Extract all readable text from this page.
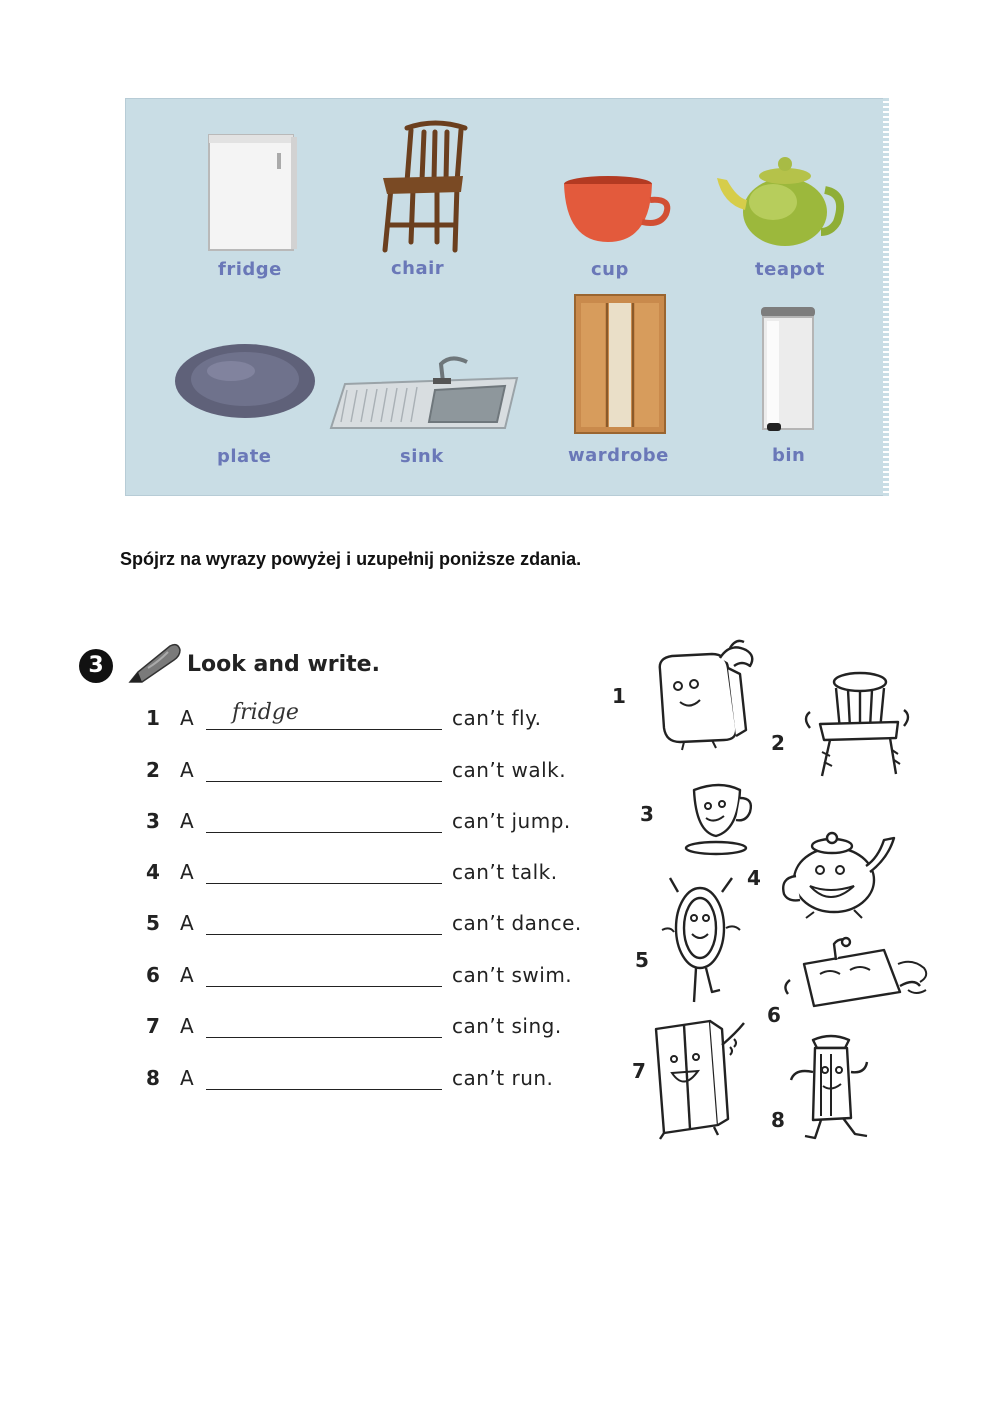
fridge	chair	cup	teapot
plate	sink	wardrobe	bin
Spójrz na wyrazy powyżej i uzupełnij poniższe zdania.
3	Look and write.
1 A fridge	can’t fly.
2 A	can’t walk.
3 A	can’t jump.
4 A	can’t talk.
5 A	can’t dance.
6 A	can’t swim.
7 A	can’t sing.
8 A	can’t run.
1
2
3
4
5
6
7
8
